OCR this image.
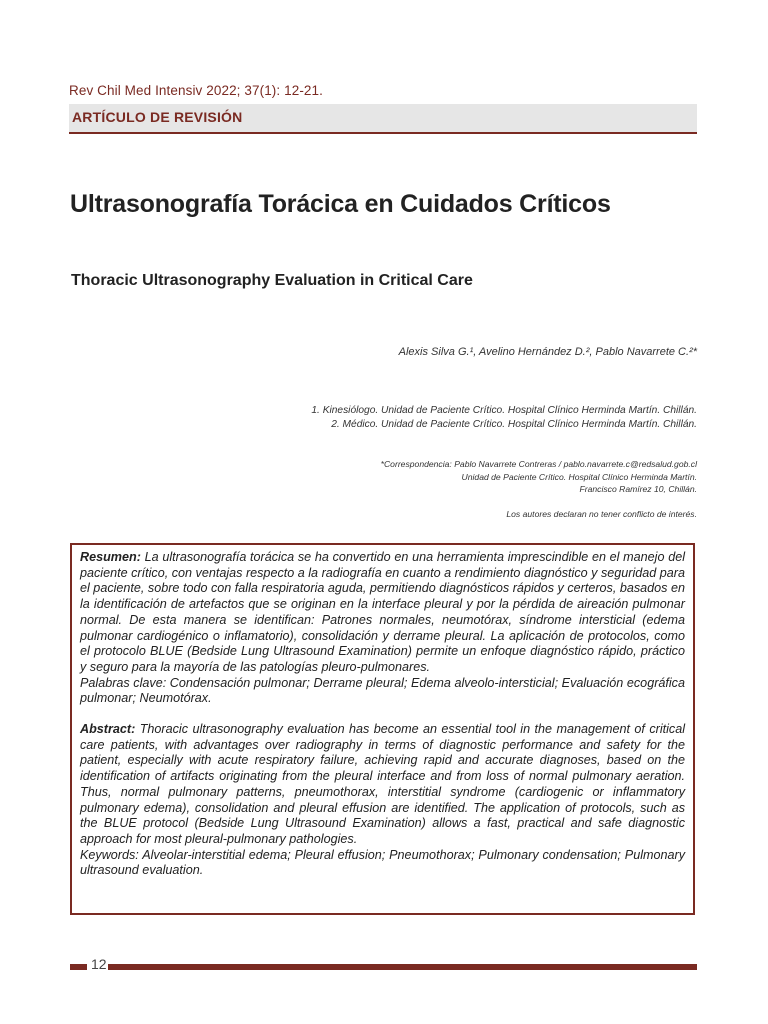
Rev Chil Med Intensiv 2022; 37(1): 12-21.
ARTÍCULO DE REVISIÓN
Ultrasonografía Torácica en Cuidados Críticos
Thoracic Ultrasonography Evaluation in Critical Care
Alexis Silva G.¹, Avelino Hernández D.², Pablo Navarrete C.²*
1. Kinesiólogo. Unidad de Paciente Crítico. Hospital Clínico Herminda Martín. Chillán.
2. Médico. Unidad de Paciente Crítico. Hospital Clínico Herminda Martín. Chillán.
*Correspondencia: Pablo Navarrete Contreras / pablo.navarrete.c@redsalud.gob.cl
Unidad de Paciente Crítico. Hospital Clínico Herminda Martín.
Francisco Ramírez 10, Chillán.
Los autores declaran no tener conflicto de interés.

Resumen: La ultrasonografía torácica se ha convertido en una herramienta imprescindible en el manejo del paciente crítico, con ventajas respecto a la radiografía en cuanto a rendimiento diagnóstico y seguridad para el paciente, sobre todo con falla respiratoria aguda, permitiendo diagnósticos rápidos y certeros, basados en la identificación de artefactos que se originan en la interface pleural y por la pérdida de aireación pulmonar normal. De esta manera se identifican: Patrones normales, neumotórax, síndrome intersticial (edema pulmonar cardiogénico o inflamatorio), consolidación y derrame pleural. La aplicación de protocolos, como el protocolo BLUE (Bedside Lung Ultrasound Examination) permite un enfoque diagnóstico rápido, práctico y seguro para la mayoría de las patologías pleuro-pulmonares.

Palabras clave: Condensación pulmonar; Derrame pleural; Edema alveolo-intersticial; Evaluación ecográfica pulmonar; Neumotórax.

Abstract: Thoracic ultrasonography evaluation has become an essential tool in the management of critical care patients, with advantages over radiography in terms of diagnostic performance and safety for the patient, especially with acute respiratory failure, achieving rapid and accurate diagnoses, based on the identification of artifacts originating from the pleural interface and from loss of normal pulmonary aeration. Thus, normal pulmonary patterns, pneumothorax, interstitial syndrome (cardiogenic or inflammatory pulmonary edema), consolidation and pleural effusion are identified. The application of protocols, such as the BLUE protocol (Bedside Lung Ultrasound Examination) allows a fast, practical and safe diagnostic approach for most pleural-pulmonary pathologies.

Keywords: Alveolar-interstitial edema; Pleural effusion; Pneumothorax; Pulmonary condensation; Pulmonary ultrasound evaluation.

12
